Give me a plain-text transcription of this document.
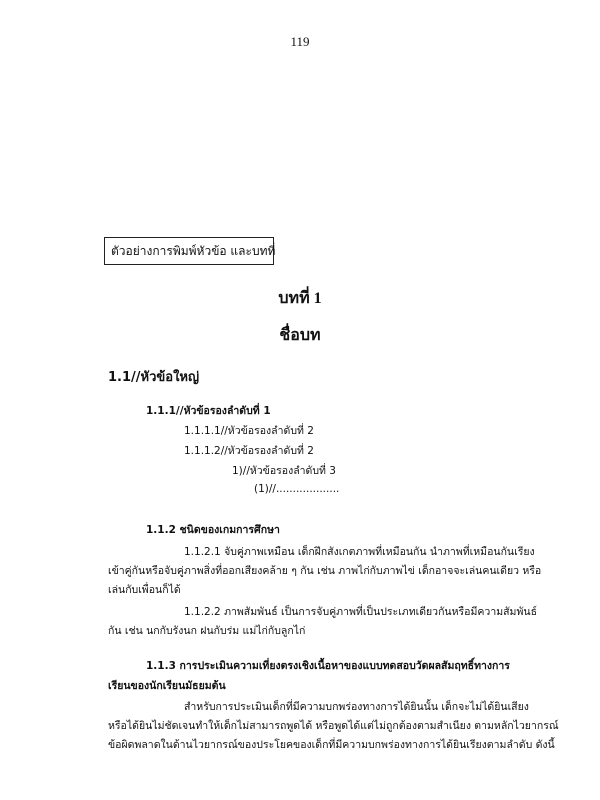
119
ตัวอย่างการพิมพ์หัวข้อ และบทที่
บทที่ 1
ชื่อบท
1.1//หัวข้อใหญ่
1.1.1//หัวข้อรองลำดับที่ 1
1.1.1.1//หัวข้อรองลำดับที่ 2
1.1.1.2//หัวข้อรองลำดับที่ 2
1)//หัวข้อรองลำดับที่ 3
(1)//...................
1.1.2 ชนิดของเกมการศึกษา
1.1.2.1 จับคู่ภาพเหมือน เด็กฝึกสังเกตภาพที่เหมือนกัน นำภาพที่เหมือนกันเรียง
เข้าคู่กันหรือจับคู่ภาพสิ่งที่ออกเสียงคล้าย ๆ กัน เช่น ภาพไก่กับภาพไข่ เด็กอาจจะเล่นคนเดียว หรือ
เล่นกับเพื่อนก็ได้
1.1.2.2 ภาพสัมพันธ์ เป็นการจับคู่ภาพที่เป็นประเภทเดียวกันหรือมีความสัมพันธ์
กัน เช่น นกกับรังนก ฝนกับร่ม แม่ไก่กับลูกไก่
1.1.3 การประเมินความเที่ยงตรงเชิงเนื้อหาของแบบทดสอบวัดผลสัมฤทธิ์ทางการ
เรียนของนักเรียนมัธยมต้น
สำหรับการประเมินเด็กที่มีความบกพร่องทางการได้ยินนั้น เด็กจะไม่ได้ยินเสียง
หรือได้ยินไม่ชัดเจนทำให้เด็กไม่สามารถพูดได้ หรือพูดได้แต่ไม่ถูกต้องตามสำเนียง ตามหลักไวยากรณ์
ข้อผิดพลาดในด้านไวยากรณ์ของประโยคของเด็กที่มีความบกพร่องทางการได้ยินเรียงตามลำดับ ดังนี้
